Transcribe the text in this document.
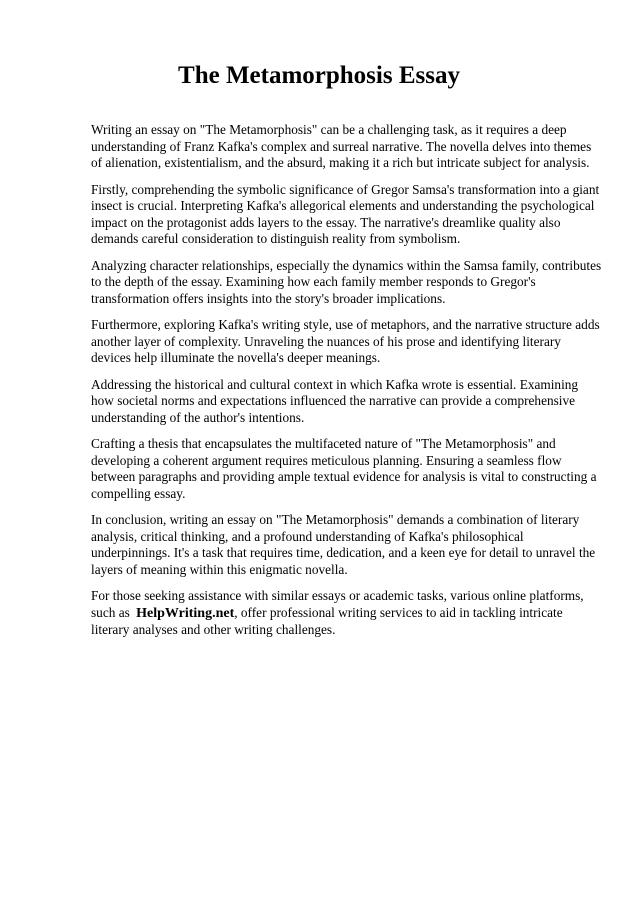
The Metamorphosis Essay

Writing an essay on "The Metamorphosis" can be a challenging task, as it requires a deep understanding of Franz Kafka's complex and surreal narrative. The novella delves into themes of alienation, existentialism, and the absurd, making it a rich but intricate subject for analysis.

Firstly, comprehending the symbolic significance of Gregor Samsa's transformation into a giant insect is crucial. Interpreting Kafka's allegorical elements and understanding the psychological impact on the protagonist adds layers to the essay. The narrative's dreamlike quality also demands careful consideration to distinguish reality from symbolism.

Analyzing character relationships, especially the dynamics within the Samsa family, contributes to the depth of the essay. Examining how each family member responds to Gregor's transformation offers insights into the story's broader implications.

Furthermore, exploring Kafka's writing style, use of metaphors, and the narrative structure adds another layer of complexity. Unraveling the nuances of his prose and identifying literary devices help illuminate the novella's deeper meanings.

Addressing the historical and cultural context in which Kafka wrote is essential. Examining how societal norms and expectations influenced the narrative can provide a comprehensive understanding of the author's intentions.

Crafting a thesis that encapsulates the multifaceted nature of "The Metamorphosis" and developing a coherent argument requires meticulous planning. Ensuring a seamless flow between paragraphs and providing ample textual evidence for analysis is vital to constructing a compelling essay.

In conclusion, writing an essay on "The Metamorphosis" demands a combination of literary analysis, critical thinking, and a profound understanding of Kafka's philosophical underpinnings. It's a task that requires time, dedication, and a keen eye for detail to unravel the layers of meaning within this enigmatic novella.

For those seeking assistance with similar essays or academic tasks, various online platforms, such as HelpWriting.net, offer professional writing services to aid in tackling intricate literary analyses and other writing challenges.
